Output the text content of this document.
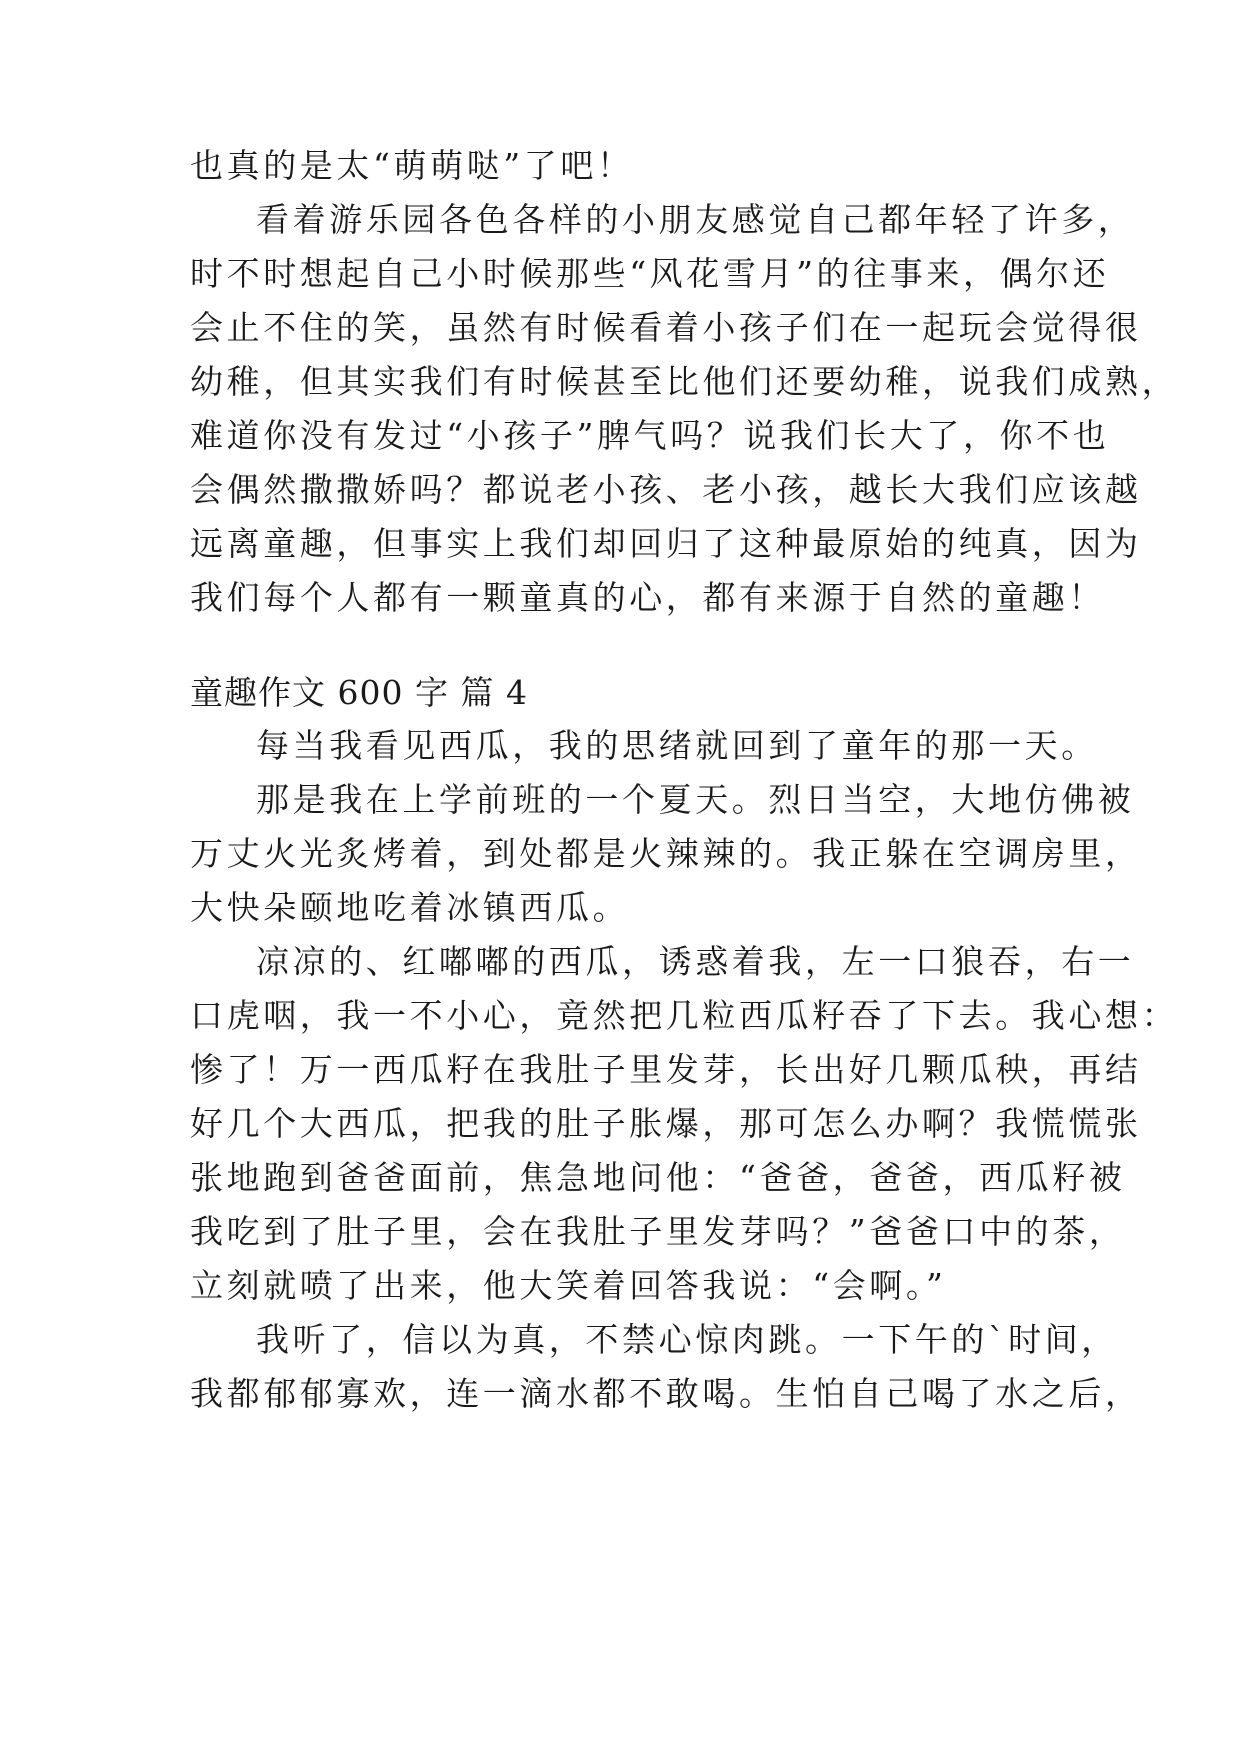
也真的是太“萌萌哒”了吧！
看着游乐园各色各样的小朋友感觉自己都年轻了许多，
时不时想起自己小时候那些“风花雪月”的往事来，偶尔还
会止不住的笑，虽然有时候看着小孩子们在一起玩会觉得很
幼稚，但其实我们有时候甚至比他们还要幼稚，说我们成熟，
难道你没有发过“小孩子”脾气吗？说我们长大了，你不也
会偶然撒撒娇吗？都说老小孩、老小孩，越长大我们应该越
远离童趣，但事实上我们却回归了这种最原始的纯真，因为
我们每个人都有一颗童真的心，都有来源于自然的童趣！
童趣作文 600 字 篇 4
每当我看见西瓜，我的思绪就回到了童年的那一天。
那是我在上学前班的一个夏天。烈日当空，大地仿佛被
万丈火光炙烤着，到处都是火辣辣的。我正躲在空调房里，
大快朵颐地吃着冰镇西瓜。
凉凉的、红嘟嘟的西瓜，诱惑着我，左一口狼吞，右一
口虎咽，我一不小心，竟然把几粒西瓜籽吞了下去。我心想：
惨了！万一西瓜籽在我肚子里发芽，长出好几颗瓜秧，再结
好几个大西瓜，把我的肚子胀爆，那可怎么办啊？我慌慌张
张地跑到爸爸面前，焦急地问他：“爸爸，爸爸，西瓜籽被
我吃到了肚子里，会在我肚子里发芽吗？”爸爸口中的茶，
立刻就喷了出来，他大笑着回答我说：“会啊。”
我听了，信以为真，不禁心惊肉跳。一下午的`时间，
我都郁郁寡欢，连一滴水都不敢喝。生怕自己喝了水之后，
